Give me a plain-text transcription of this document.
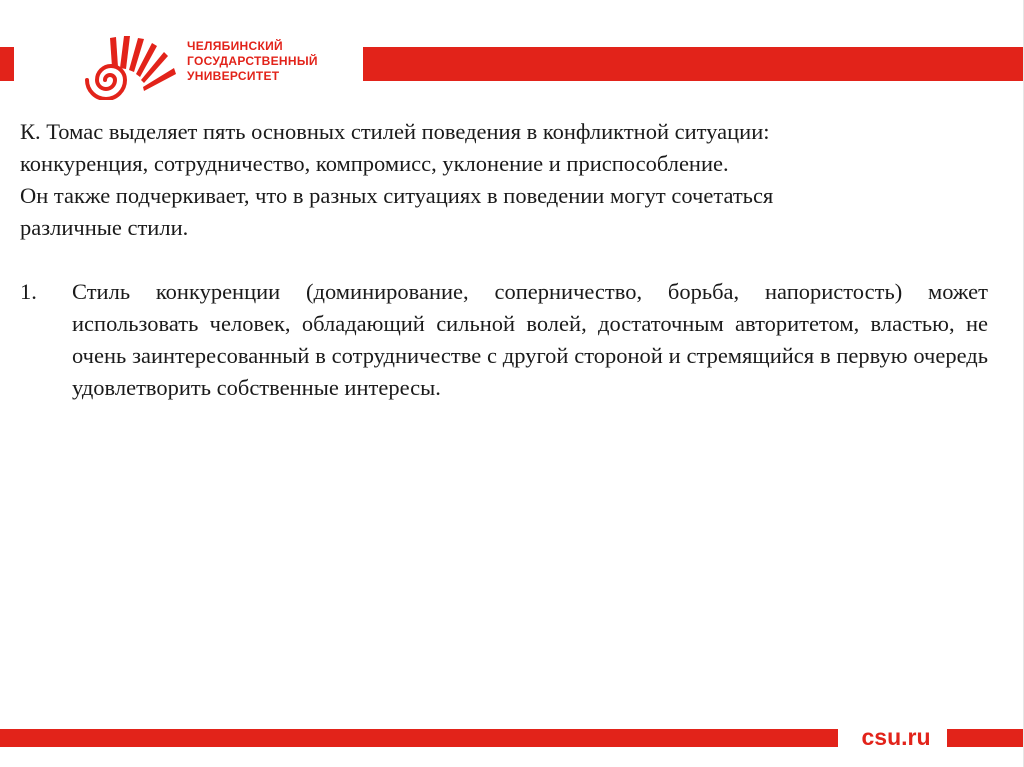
ЧЕЛЯБИНСКИЙ
ГОСУДАРСТВЕННЫЙ
УНИВЕРСИТЕТ

К. Томас выделяет пять основных стилей поведения в конфликтной ситуации:

конкуренция, сотрудничество, компромисс, уклонение и приспособление.

Он также подчеркивает, что в разных ситуациях в поведении могут сочетаться

различные стили.

1.	Стиль конкуренции (доминирование, соперничество, борьба, напористость) может использовать человек, обладающий сильной волей, достаточным авторитетом, властью, не очень заинтересованный в сотрудничестве с другой стороной и стремящийся в первую очередь удовлетворить собственные интересы.
csu.ru
